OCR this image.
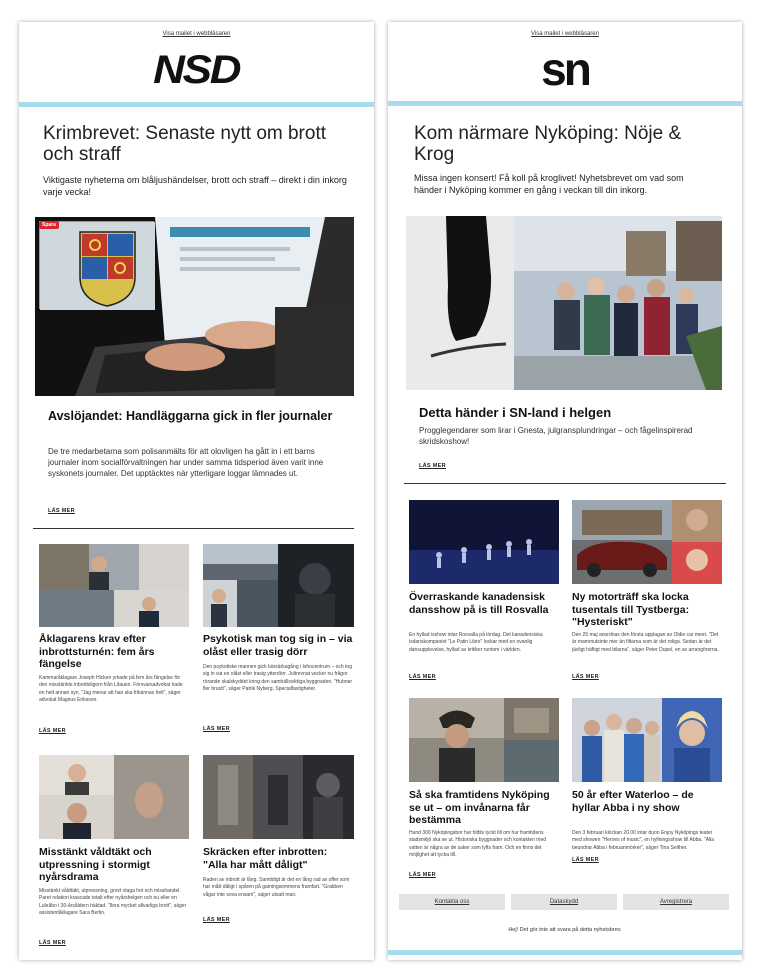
Visa mailet i webbläsaren
NSD
Krimbrevet: Senaste nytt om brott och straff
Viktigaste nyheterna om blåljushändelser, brott och straff – direkt i din inkorg varje vecka!
Spara
Avslöjandet: Handläggarna gick in fler journaler
De tre medarbetarna som polisanmälts för att olovligen ha gått in i ett barns journaler inom socialförvaltningen har under samma tidsperiod även varit inne syskonets journaler. Det upptäcktes när ytterligare loggar lämnades ut.
LÄS MER
Åklagarens krav efter inbrottsturnén: fem års fängelse
Kammaråklagare Joseph Hicken yrkade på fem års fängelse för den misstänkte inbrottsligorn från Litauen. Försvarsadvokat hade en helt annan syn. "Jag menar att han ska frikännas helt", säger advokat Magnus Eriksson.
LÄS MER
Psykotisk man tog sig in – via olåst eller trasig dörr
Den psykotiske mannen gick bärsärkagång i Ishocentrum – och tog sig in via en olåst eller trasig ytterdörr. Jultrevnat vecker nu frågor rörande skalskyddet kring den samhällsviktiga byggnaden. "Hubner fler brustt", säger Patrik Nyberg, Specialfastigheter.
LÄS MER
Misstänkt våldtäkt och utpressning i stormigt nyårsdrama
Misstänkt våldtäkt, utpressning, grovt olaga hot och misshandel. Paret relation krascade totalt efter nyårshelgen och nu eller en Luleåbo i 30-årsåldern häktad. "Ilera mycket allvarliga brott", säger assistentåklagare Sara Berlin.
LÄS MER
Skräcken efter inbrotten: "Alla har mått dåligt"
Raden av inbrott är lång. Samtidigt är det en lång rad av offer som har mått dåligt i spåren på gamingsemmens framfart. "Grabben vågar inte sova ensam", säger utsatt man.
LÄS MER
Visa mailet i webbläsaren
sn
Kom närmare Nyköping: Nöje & Krog
Missa ingen konsert! Få koll på kroglivet! Nyhetsbrevet om vad som händer i Nyköping kommer en gång i veckan till din inkorg.
Detta händer i SN-land i helgen
Progglegendarer som lirar i Gnesta, julgransplundringar – och fågelinspirerad skridskoshow!
LÄS MER
Överraskande kanadensisk dansshow på is till Rosvalla
En hyllad isshow intar Rosvalla på lördag. Det kanadensiska isdanskompaniet "Le Patin Libre" lockar med en ovanlig dansupplevelse, hyllad av kritiker runtom i världen.
LÄS MER
Ny motorträff ska locka tusentals till Tystberga: "Hysteriskt"
Den 25 maj anordnas den första upplagan av Oldie car meet. "Det är mammutsinte mer än filtarna som är det roliga. Sedan är det jävligt häftigt med bilarna", säger Peter Dupel, en av arrangörerna.
LÄS MER
Så ska framtidens Nyköping se ut – om invånarna får bestämma
Hund 300 Nyköpingsbor har hittils tyckt till om hur framtidens stadsmiljö ska se ut. Historiska byggnader och kontakten med vatten är några av de saker som lyfts fram. Och en finns det möjlighet att tycka till.
LÄS MER
50 år efter Waterloo – de hyllar Abba i ny show
Den 3 februari klockan 20.00 intar duon Enjoy Nyköpings teater med showen "Heroes of music", en hyllningsshow till Abba. "Alla beundrar Abba i februarimörker", säger Tina Selther.
LÄS MER
Kontakta oss	Dataskydd	Avregistrera
Hej! Det gör inte att svara på detta nyhetsbrev.
